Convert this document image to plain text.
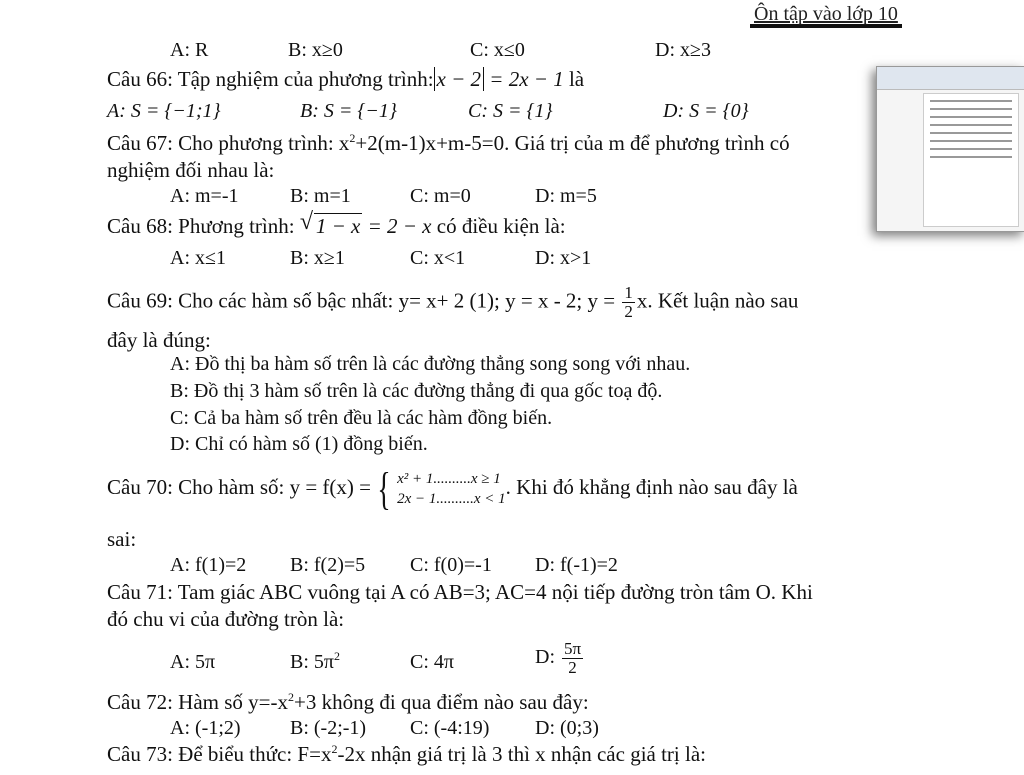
Ôn tập vào lớp 10
A: R	B: x≥0	C: x≤0	D: x≥3
Câu 66: Tập nghiệm của phương trình: x − 2 = 2x − 1 là
A: S = {−1;1}	B: S = {−1}	C: S = {1}	D: S = {0}
Câu 67: Cho phương trình: $x^2+2(m-1)x+m-5=0$. Giá trị của m để phương trình có
nghiệm đối nhau là:
A: m=-1	B: m=1	C: m=0	D: m=5
Câu 68: Phương trình: √ 1 − x = 2 − x có điều kiện là:
A: x≤1	B: x≥1	C: x<1	D: x>1
Câu 69: Cho các hàm số bậc nhất: y= x+ 2 (1); y = x - 2; $y = \frac{1}{2} x$. Kết luận nào sau
đây là đúng:
A: Đồ thị ba hàm số trên là các đường thẳng song song với nhau.
B: Đồ thị 3 hàm số trên là các đường thẳng đi qua gốc toạ độ.
C: Cả ba hàm số trên đều là các hàm đồng biến.
D: Chỉ có hàm số (1) đồng biến.
Câu 70: Cho hàm số: y = f(x) = { x² + 1..........x ≥ 1
2x − 1..........x < 1
. Khi đó khẳng định nào sau đây là
sai:
A: f(1)=2 B: f(2)=5 C: f(0)=-1 D: f(-1)=2
Câu 71: Tam giác ABC vuông tại A có AB=3; AC=4 nội tiếp đường tròn tâm O. Khi
đó chu vi của đường tròn là:
A: 5π	B: $5\pi^2$	C: 4π	D: $\frac{5\pi}{2}$
Câu 72: Hàm số $y=-x^2+3$ không đi qua điểm nào sau đây:
A: (-1;2) B: (-2;-1) C: (-4:19) D: (0;3)
Câu 73: Để biểu thức: $F=x^2-2x$ nhận giá trị là 3 thì x nhận các giá trị là:
